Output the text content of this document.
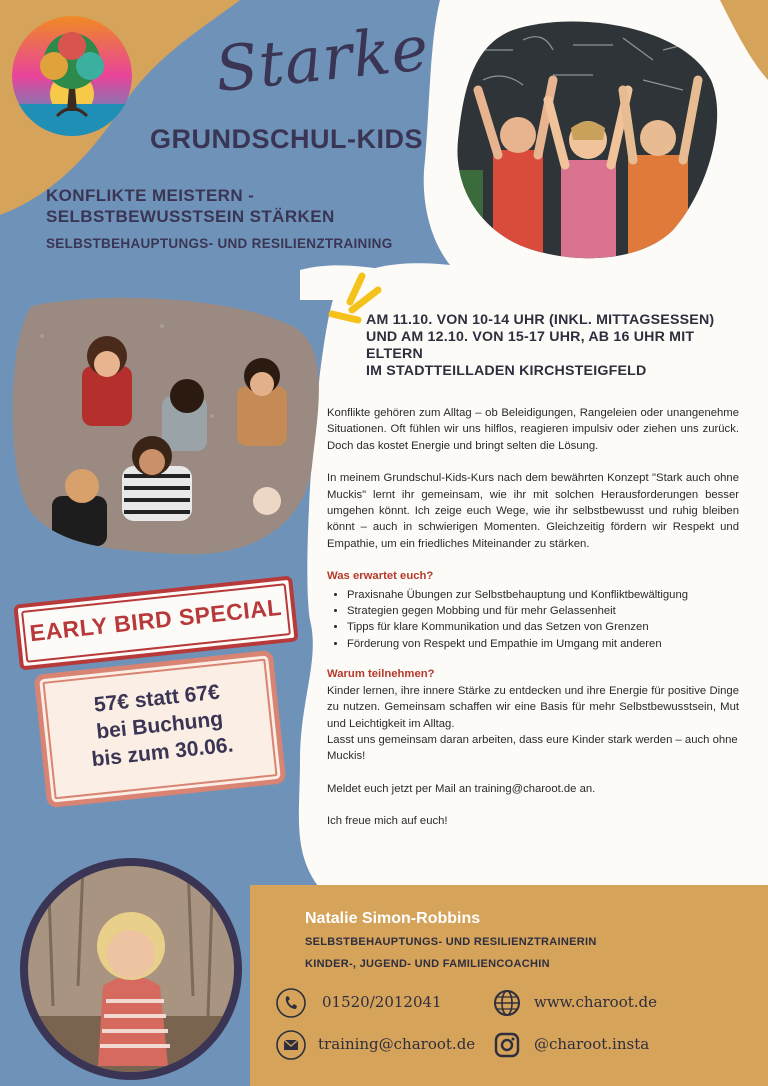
Starke
GRUNDSCHUL-KIDS
KONFLIKTE MEISTERN -
SELBSTBEWUSSTSEIN STÄRKEN
SELBSTBEHAUPTUNGS- UND RESILIENZTRAINING
AM 11.10. VON 10-14 UHR (INKL. MITTAGSESSEN)
UND AM 12.10. VON 15-17 UHR, AB 16 UHR MIT
ELTERN
IM STADTTEILLADEN KIRCHSTEIGFELD

Konflikte gehören zum Alltag – ob Beleidigungen, Rangeleien oder unangenehme Situationen. Oft fühlen wir uns hilflos, reagieren impulsiv oder ziehen uns zurück. Doch das kostet Energie und bringt selten die Lösung.

In meinem Grundschul-Kids-Kurs nach dem bewährten Konzept "Stark auch ohne Muckis" lernt ihr gemeinsam, wie ihr mit solchen Herausforderungen besser umgehen könnt. Ich zeige euch Wege, wie ihr selbstbewusst und ruhig bleiben könnt – auch in schwierigen Momenten. Gleichzeitig fördern wir Respekt und Empathie, um ein friedliches Miteinander zu stärken.

Was erwartet euch?
• Praxisnahe Übungen zur Selbstbehauptung und Konfliktbewältigung
• Strategien gegen Mobbing und für mehr Gelassenheit
• Tipps für klare Kommunikation und das Setzen von Grenzen
• Förderung von Respekt und Empathie im Umgang mit anderen
Warum teilnehmen?
Kinder lernen, ihre innere Stärke zu entdecken und ihre Energie für positive Dinge zu nutzen. Gemeinsam schaffen wir eine Basis für mehr Selbstbewusstsein, Mut und Leichtigkeit im Alltag.
Lasst uns gemeinsam daran arbeiten, dass eure Kinder stark werden – auch ohne Muckis!
Meldet euch jetzt per Mail an training@charoot.de an.
Ich freue mich auf euch!
EARLY BIRD SPECIAL
57€ statt 67€
bei Buchung
bis zum 30.06.
Natalie Simon-Robbins
SELBSTBEHAUPTUNGS- UND RESILIENZTRAINERIN
KINDER-, JUGEND- UND FAMILIENCOACHIN
01520/2012041	www.charoot.de
training@charoot.de	@charoot.insta
